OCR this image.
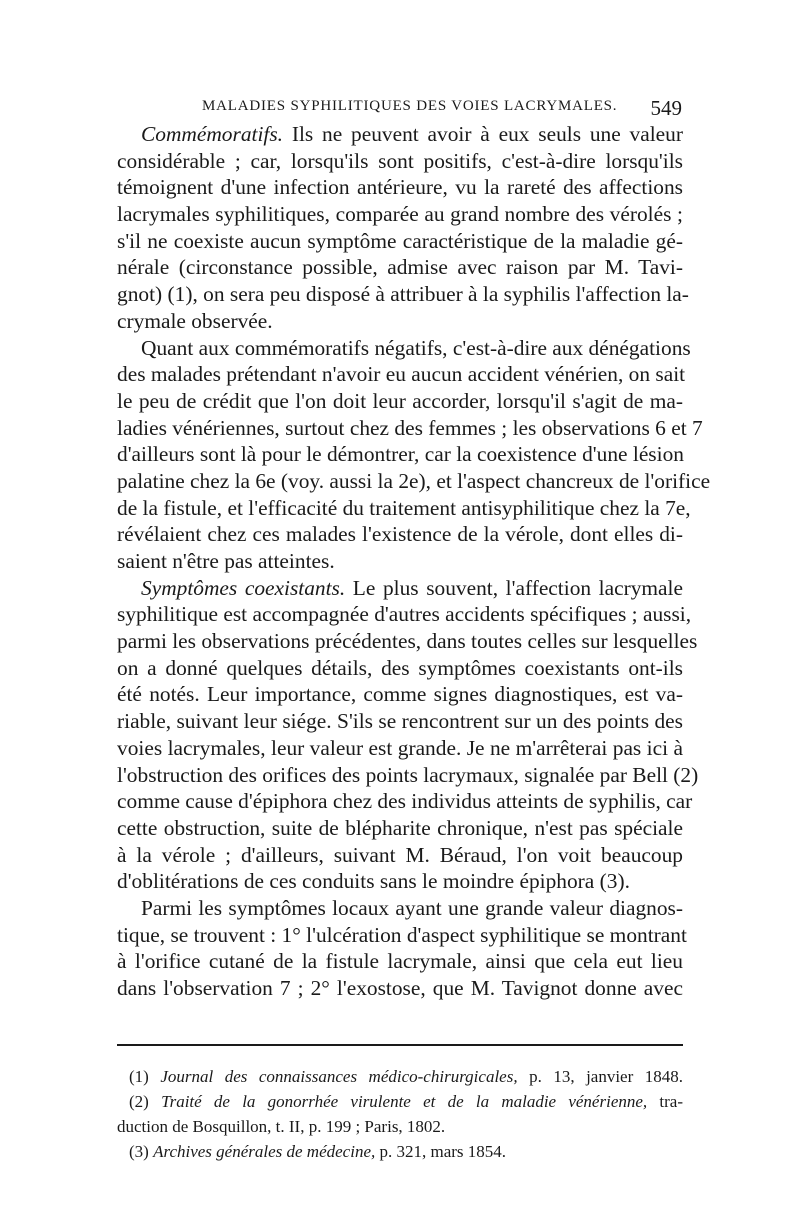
MALADIES SYPHILITIQUES DES VOIES LACRYMALES. 549
Commémoratifs. Ils ne peuvent avoir à eux seuls une valeur
considérable ; car, lorsqu'ils sont positifs, c'est-à-dire lorsqu'ils
témoignent d'une infection antérieure, vu la rareté des affections
lacrymales syphilitiques, comparée au grand nombre des vérolés ;
s'il ne coexiste aucun symptôme caractéristique de la maladie gé-
nérale (circonstance possible, admise avec raison par M. Tavi-
gnot) (1), on sera peu disposé à attribuer à la syphilis l'affection la-
crymale observée.
Quant aux commémoratifs négatifs, c'est-à-dire aux dénégations
des malades prétendant n'avoir eu aucun accident vénérien, on sait
le peu de crédit que l'on doit leur accorder, lorsqu'il s'agit de ma-
ladies vénériennes, surtout chez des femmes ; les observations 6 et 7
d'ailleurs sont là pour le démontrer, car la coexistence d'une lésion
palatine chez la 6e (voy. aussi la 2e), et l'aspect chancreux de l'orifice
de la fistule, et l'efficacité du traitement antisyphilitique chez la 7e,
révélaient chez ces malades l'existence de la vérole, dont elles di-
saient n'être pas atteintes.
Symptômes coexistants. Le plus souvent, l'affection lacrymale
syphilitique est accompagnée d'autres accidents spécifiques ; aussi,
parmi les observations précédentes, dans toutes celles sur lesquelles
on a donné quelques détails, des symptômes coexistants ont-ils
été notés. Leur importance, comme signes diagnostiques, est va-
riable, suivant leur siége. S'ils se rencontrent sur un des points des
voies lacrymales, leur valeur est grande. Je ne m'arrêterai pas ici à
l'obstruction des orifices des points lacrymaux, signalée par Bell (2)
comme cause d'épiphora chez des individus atteints de syphilis, car
cette obstruction, suite de blépharite chronique, n'est pas spéciale
à la vérole ; d'ailleurs, suivant M. Béraud, l'on voit beaucoup
d'oblitérations de ces conduits sans le moindre épiphora (3).
Parmi les symptômes locaux ayant une grande valeur diagnos-
tique, se trouvent : 1° l'ulcération d'aspect syphilitique se montrant
à l'orifice cutané de la fistule lacrymale, ainsi que cela eut lieu
dans l'observation 7 ; 2° l'exostose, que M. Tavignot donne avec
(1) Journal des connaissances médico-chirurgicales, p. 13, janvier 1848.
(2) Traité de la gonorrhée virulente et de la maladie vénérienne, tra-
duction de Bosquillon, t. II, p. 199 ; Paris, 1802.
(3) Archives générales de médecine, p. 321, mars 1854.
